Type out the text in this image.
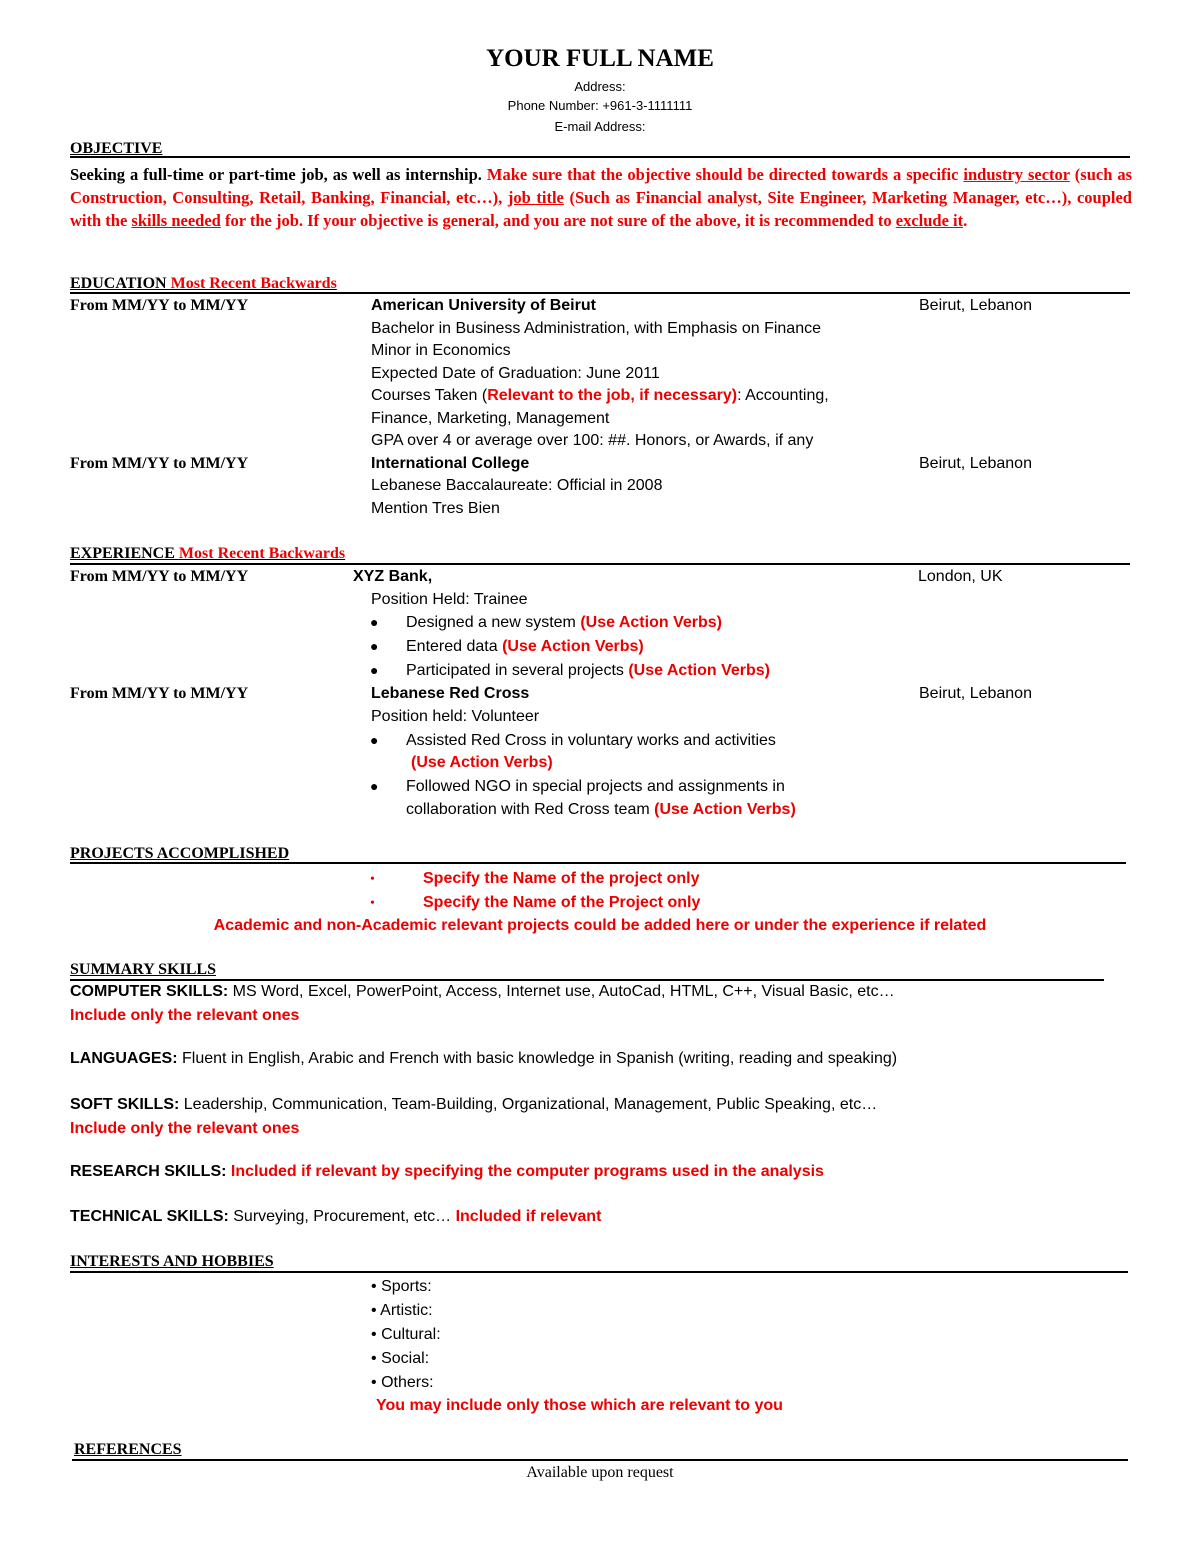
YOUR FULL NAME
Address:
Phone Number: +961-3-1111111
E-mail Address:
OBJECTIVE
Seeking a full-time or part-time job, as well as internship. Make sure that the objective should be directed towards a specific industry sector (such as Construction, Consulting, Retail, Banking, Financial, etc…), job title (Such as Financial analyst, Site Engineer, Marketing Manager, etc…), coupled with the skills needed for the job. If your objective is general, and you are not sure of the above, it is recommended to exclude it.
EDUCATION Most Recent Backwards
From MM/YY to MM/YY	American University of Beirut	Beirut, Lebanon
Bachelor in Business Administration, with Emphasis on Finance
Minor in Economics
Expected Date of Graduation: June 2011
Courses Taken (Relevant to the job, if necessary): Accounting,
Finance, Marketing, Management
GPA over 4 or average over 100: ##. Honors, or Awards, if any
From MM/YY to MM/YY	International College	Beirut, Lebanon
Lebanese Baccalaureate: Official in 2008
Mention Tres Bien
EXPERIENCE Most Recent Backwards
From MM/YY to MM/YY	XYZ Bank,	London, UK
Position Held: Trainee
● Designed a new system (Use Action Verbs)
● Entered data (Use Action Verbs)
● Participated in several projects (Use Action Verbs)
From MM/YY to MM/YY	Lebanese Red Cross	Beirut, Lebanon
Position held: Volunteer
● Assisted Red Cross in voluntary works and activities
(Use Action Verbs)
● Followed NGO in special projects and assignments in
collaboration with Red Cross team (Use Action Verbs)
PROJECTS ACCOMPLISHED
•	Specify the Name of the project only
•	Specify the Name of the Project only
Academic and non-Academic relevant projects could be added here or under the experience if related
SUMMARY SKILLS
COMPUTER SKILLS: MS Word, Excel, PowerPoint, Access, Internet use, AutoCad, HTML, C++, Visual Basic, etc…
Include only the relevant ones
LANGUAGES: Fluent in English, Arabic and French with basic knowledge in Spanish (writing, reading and speaking)
SOFT SKILLS: Leadership, Communication, Team-Building, Organizational, Management, Public Speaking, etc…
Include only the relevant ones
RESEARCH SKILLS: Included if relevant by specifying the computer programs used in the analysis
TECHNICAL SKILLS: Surveying, Procurement, etc… Included if relevant
INTERESTS AND HOBBIES
• Sports:
• Artistic:
• Cultural:
• Social:
• Others:
You may include only those which are relevant to you
REFERENCES
Available upon request
